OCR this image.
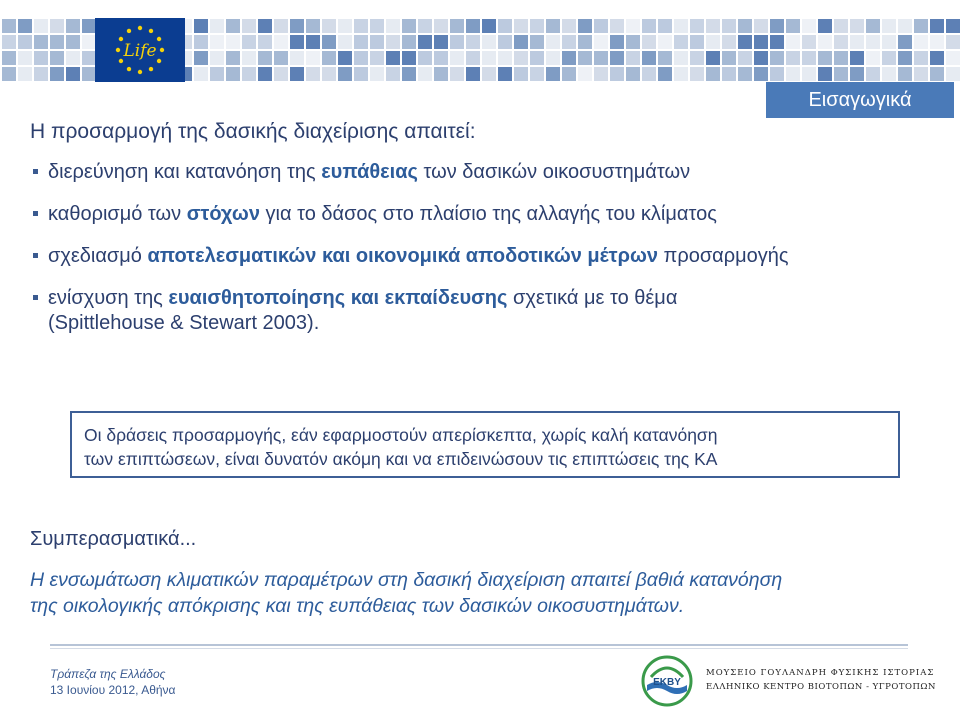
Life
Εισαγωγικά
Η προσαρμογή της δασικής διαχείρισης απαιτεί:
διερεύνηση και κατανόηση της ευπάθειας των δασικών οικοσυστημάτων
καθορισμό των στόχων για το δάσος στο πλαίσιο της αλλαγής του κλίματος
σχεδιασμό αποτελεσματικών και οικονομικά αποδοτικών μέτρων προσαρμογής
ενίσχυση της ευαισθητοποίησης και εκπαίδευσης σχετικά με το θέμα
(Spittlehouse & Stewart 2003).
Οι δράσεις προσαρμογής, εάν εφαρμοστούν απερίσκεπτα, χωρίς καλή κατανόηση
των επιπτώσεων, είναι δυνατόν ακόμη και να επιδεινώσουν τις επιπτώσεις της ΚΑ
Συμπερασματικά...
Η ενσωμάτωση κλιματικών παραμέτρων στη δασική διαχείριση απαιτεί βαθιά κατανόηση
της οικολογικής απόκρισης και της ευπάθειας των δασικών οικοσυστημάτων.
Τράπεζα της Ελλάδος
13 Ιουνίου 2012, Αθήνα
EKBY
ΜΟΥΣΕΙΟ ΓΟΥΛΑΝΔΡΗ ΦΥΣΙΚΗΣ ΙΣΤΟΡΙΑΣ
ΕΛΛΗΝΙΚΟ ΚΕΝΤΡΟ ΒΙΟΤΟΠΩΝ - ΥΓΡΟΤΟΠΩΝ
